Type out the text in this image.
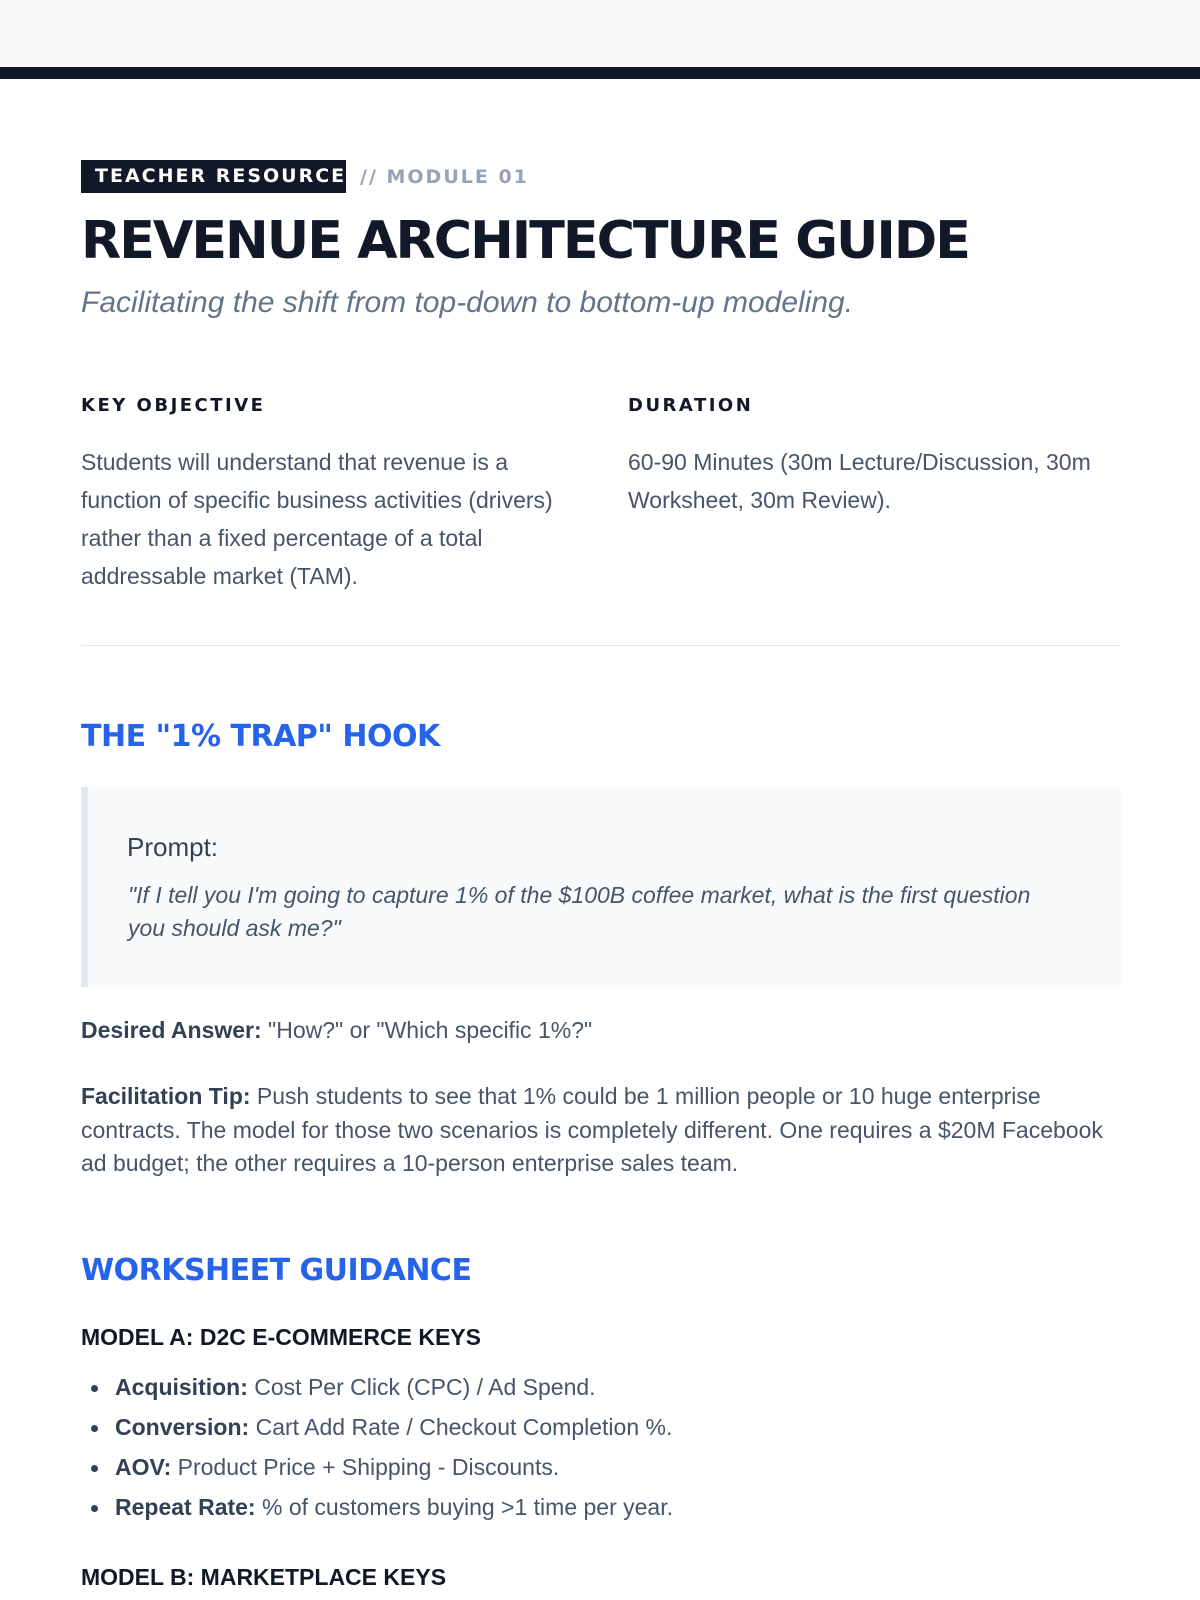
TEACHER RESOURCE // MODULE 01
REVENUE ARCHITECTURE GUIDE

Facilitating the shift from top-down to bottom-up modeling.

KEY OBJECTIVE

Students will understand that revenue is a function of specific business activities (drivers) rather than a fixed percentage of a total addressable market (TAM).

DURATION

60-90 Minutes (30m Lecture/Discussion, 30m Worksheet, 30m Review).

THE "1% TRAP" HOOK
Prompt:
"If I tell you I'm going to capture 1% of the $100B coffee market, what is the first question you should ask me?"

Desired Answer: "How?" or "Which specific 1%?"

Facilitation Tip: Push students to see that 1% could be 1 million people or 10 huge enterprise contracts. The model for those two scenarios is completely different. One requires a $20M Facebook ad budget; the other requires a 10-person enterprise sales team.

WORKSHEET GUIDANCE
MODEL A: D2C E-COMMERCE KEYS
Acquisition: Cost Per Click (CPC) / Ad Spend.
Conversion: Cart Add Rate / Checkout Completion %.
AOV: Product Price + Shipping - Discounts.
Repeat Rate: % of customers buying >1 time per year.
MODEL B: MARKETPLACE KEYS
